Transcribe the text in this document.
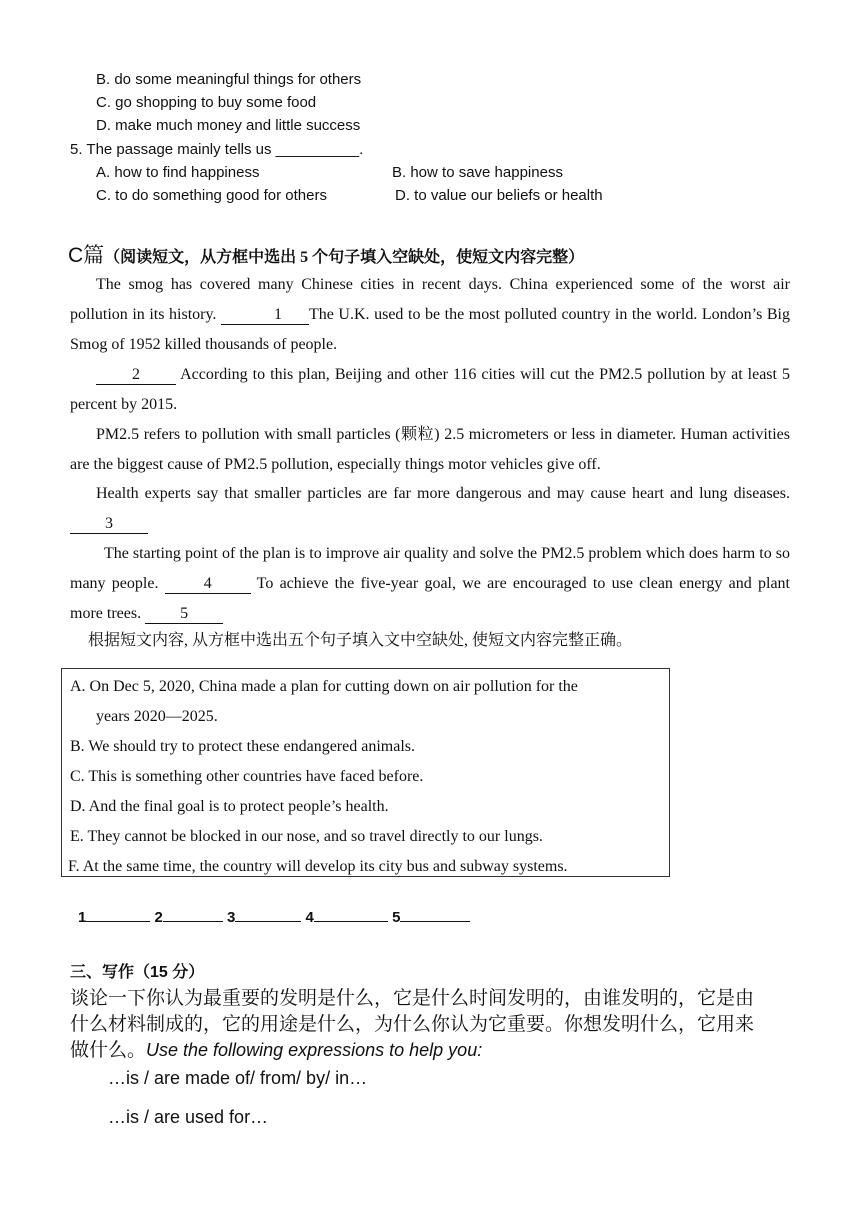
B. do some meaningful things for others
C. go shopping to buy some food
D. make much money and little success
5. The passage mainly tells us __________.
A. how to find happiness	B. how to save happiness
C. to do something good for others	D. to value our beliefs or health
C篇（阅读短文，从方框中选出 5 个句子填入空缺处，使短文内容完整）
The smog has covered many Chinese cities in recent days. China experienced some of the worst air pollution in its history.	1 The U.K. used to be the most polluted country in the world. London’s Big Smog of 1952 killed thousands of people.
2 According to this plan, Beijing and other 116 cities will cut the PM2.5 pollution by at least 5 percent by 2015.
PM2.5 refers to pollution with small particles (颗粒) 2.5 micrometers or less in diameter. Human activities are the biggest cause of PM2.5 pollution, especially things motor vehicles give off.
Health experts say that smaller particles are far more dangerous and may cause heart and lung diseases.3
The starting point of the plan is to improve air quality and solve the PM2.5 problem which does harm to so many people. 4 To achieve the five-year goal, we are encouraged to use clean energy and plant more trees. 5
根据短文内容, 从方框中选出五个句子填入文中空缺处, 使短文内容完整正确。
A. On Dec 5, 2020, China made a plan for cutting down on air pollution for the
years 2020—2025.
B. We should try to protect these endangered animals.
C. This is something other countries have faced before.
D. And the final goal is to protect people’s health.
E. They cannot be blocked in our nose, and so travel directly to our lungs.
F. At the same time, the country will develop its city bus and subway systems.
1	2	3	4	5
三、写作（15 分）
谈论一下你认为最重要的发明是什么，它是什么时间发明的，由谁发明的，它是由
什么材料制成的，它的用途是什么，为什么你认为它重要。你想发明什么，它用来
做什么。Use the following expressions to help you:
…is / are made of/ from/ by/ in…
…is / are used for…
